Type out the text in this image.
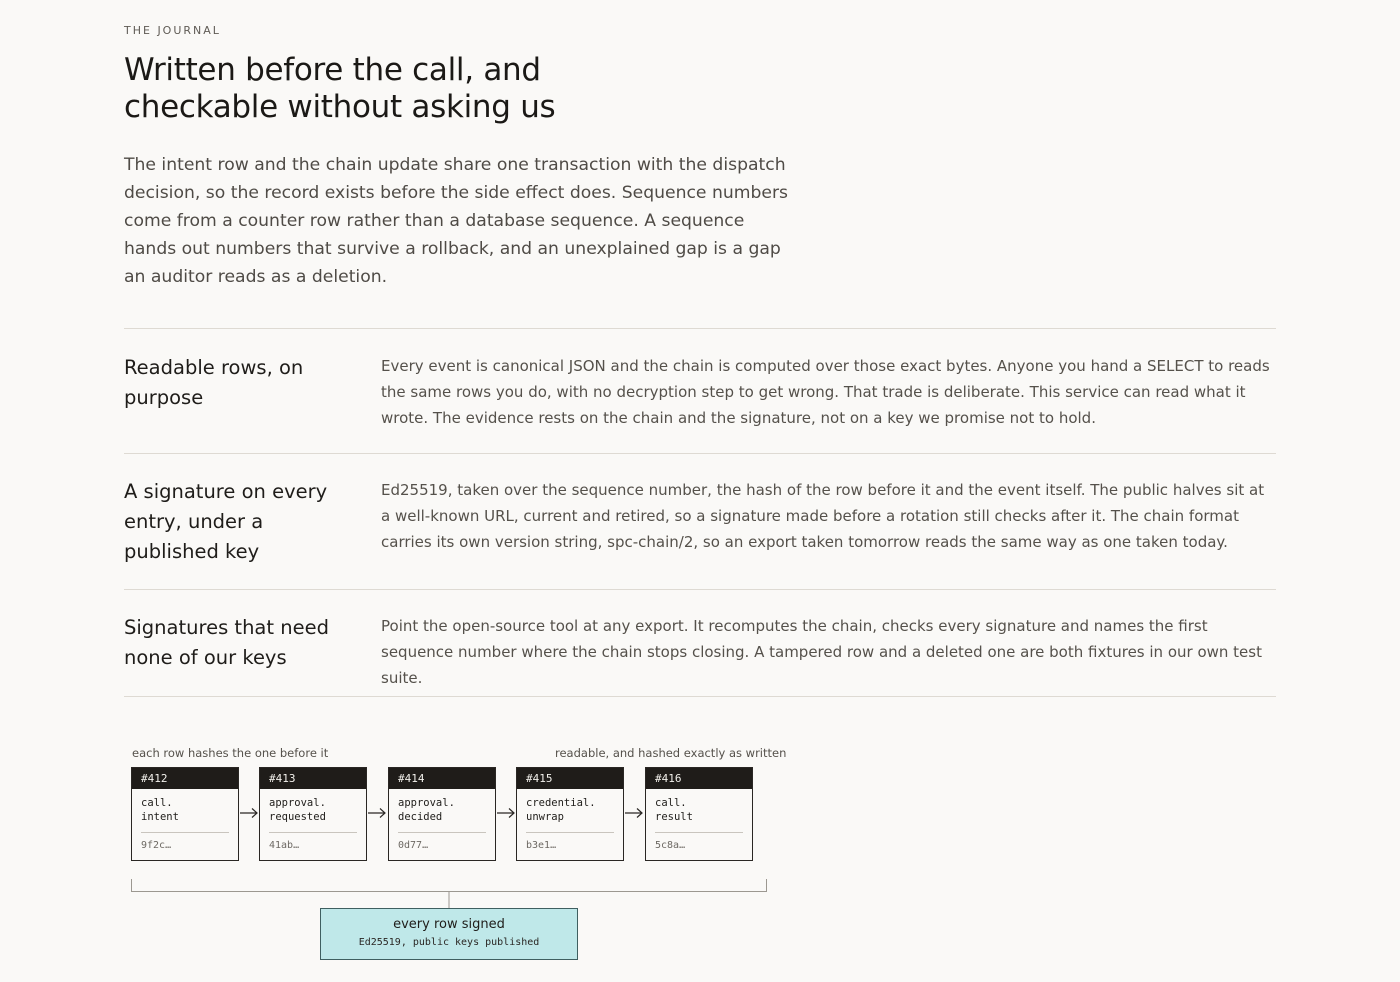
THE JOURNAL
Written before the call, and checkable without asking us

The intent row and the chain update share one transaction with the dispatch decision, so the record exists before the side effect does. Sequence numbers come from a counter row rather than a database sequence. A sequence hands out numbers that survive a rollback, and an unexplained gap is a gap an auditor reads as a deletion.

Readable rows, on purpose

Every event is canonical JSON and the chain is computed over those exact bytes. Anyone you hand a SELECT to reads the same rows you do, with no decryption step to get wrong. That trade is deliberate. This service can read what it wrote. The evidence rests on the chain and the signature, not on a key we promise not to hold.

A signature on every entry, under a published key

Ed25519, taken over the sequence number, the hash of the row before it and the event itself. The public halves sit at a well-known URL, current and retired, so a signature made before a rotation still checks after it. The chain format carries its own version string, spc-chain/2, so an export taken tomorrow reads the same way as one taken today.

Signatures that need none of our keys

Point the open-source tool at any export. It recomputes the chain, checks every signature and names the first sequence number where the chain stops closing. A tampered row and a deleted one are both fixtures in our own test suite.

each row hashes the one before it	readable, and hashed exactly as written
#412
call.
intent
9f2c…
#413
approval.
requested
41ab…
#414
approval.
decided
0d77…
#415
credential.
unwrap
b3e1…
#416
call.
result
5c8a…
every row signed
Ed25519, public keys published
